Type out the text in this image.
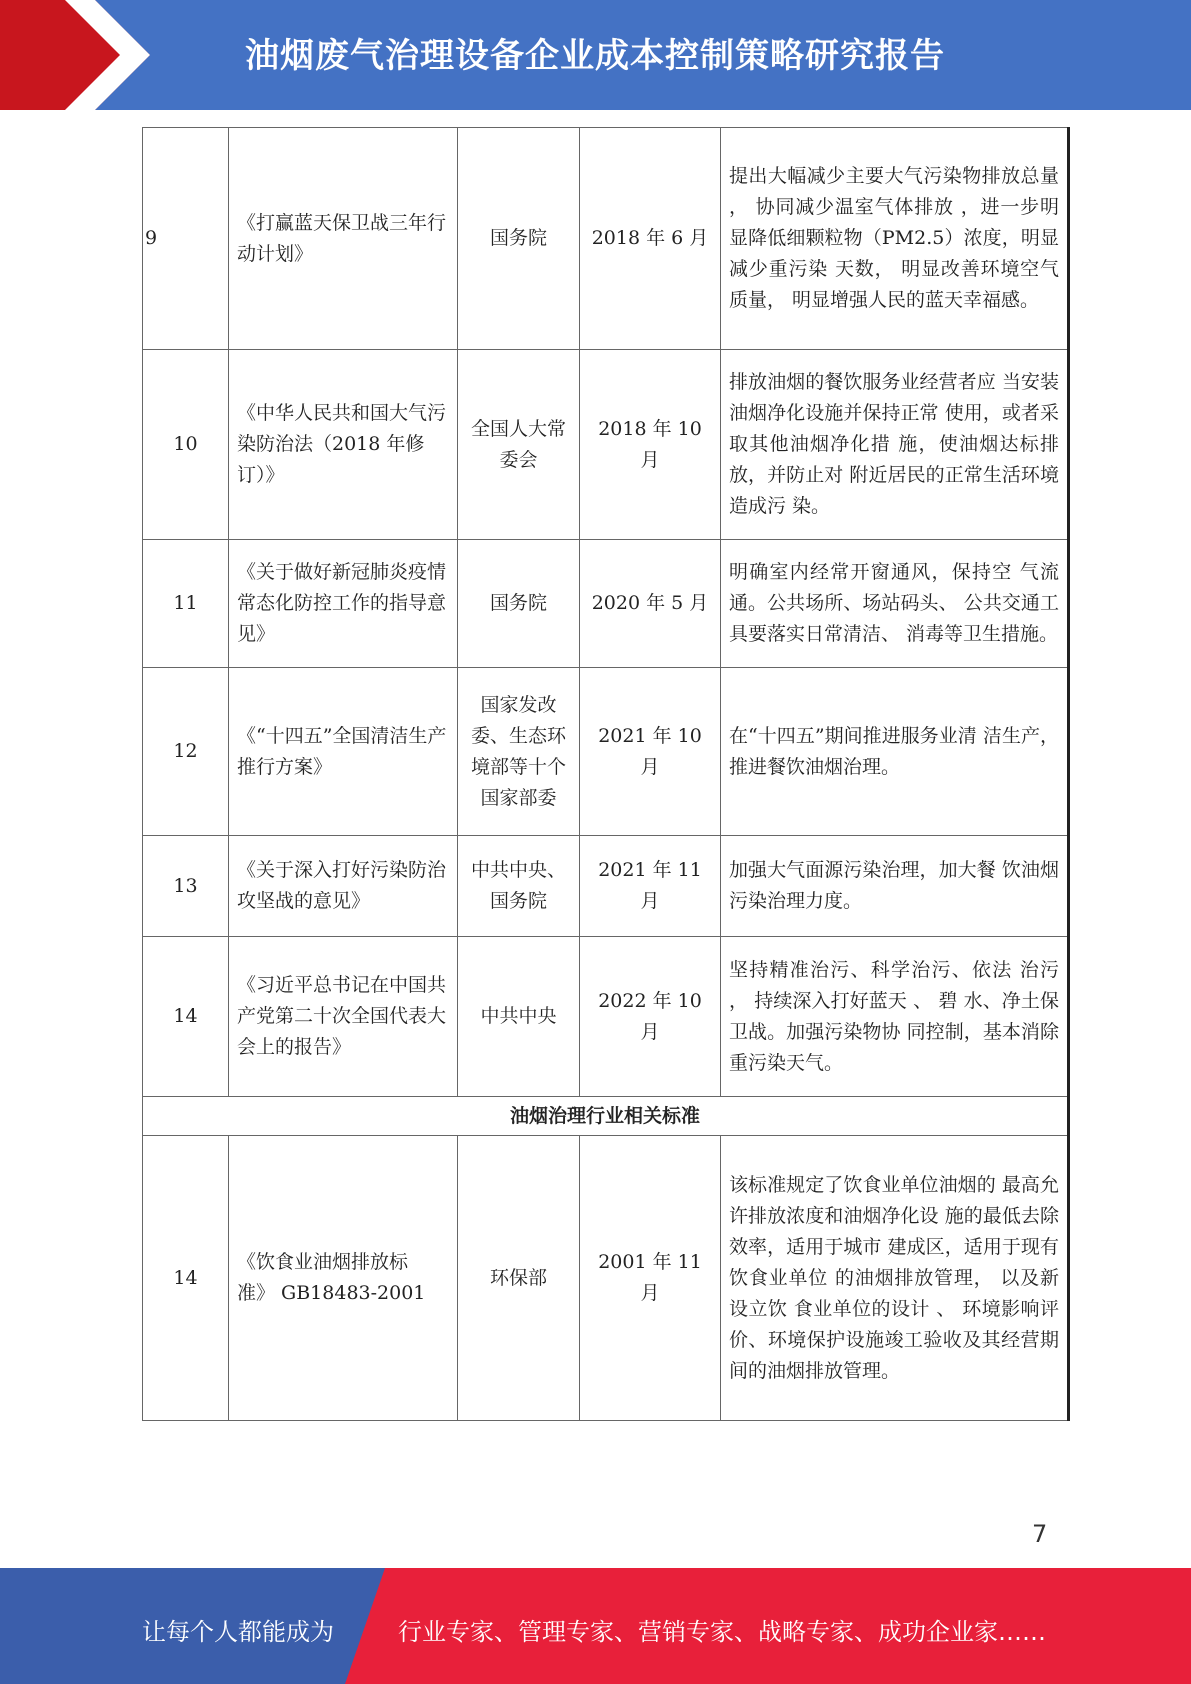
油烟废气治理设备企业成本控制策略研究报告
9	《打赢蓝天保卫战三年行动计划》	国务院	2018 年 6 月	提出大幅减少主要大气污染物排放总量 ， 协同减少温室气体排放 ，进一步明显降低细颗粒物（PM2.5）浓度，明显减少重污染 天数， 明显改善环境空气质量， 明显增强人民的蓝天幸福感。
10	《中华人民共和国大气污染防治法（2018 年修订）》	全国人大常委会	2018 年 10 月	排放油烟的餐饮服务业经营者应 当安装油烟净化设施并保持正常 使用，或者采取其他油烟净化措 施，使油烟达标排放，并防止对 附近居民的正常生活环境造成污 染。
11	《关于做好新冠肺炎疫情常态化防控工作的指导意见》	国务院	2020 年 5 月	明确室内经常开窗通风，保持空 气流通。公共场所、场站码头、 公共交通工具要落实日常清洁、 消毒等卫生措施。
12	《“十四五”全国清洁生产推行方案》	国家发改委、生态环境部等十个国家部委	2021 年 10 月	在“十四五”期间推进服务业清 洁生产，推进餐饮油烟治理。
13	《关于深入打好污染防治攻坚战的意见》	中共中央、国务院	2021 年 11 月	加强大气面源污染治理，加大餐 饮油烟污染治理力度。
14	《习近平总书记在中国共产党第二十次全国代表大会上的报告》	中共中央	2022 年 10 月	坚持精准治污、科学治污、依法 治污 ， 持续深入打好蓝天 、 碧 水、净土保卫战。加强污染物协 同控制，基本消除重污染天气。
油烟治理行业相关标准				
14	《饮食业油烟排放标 准》 GB18483-2001	环保部	2001 年 11 月	该标准规定了饮食业单位油烟的 最高允许排放浓度和油烟净化设 施的最低去除效率，适用于城市 建成区，适用于现有饮食业单位 的油烟排放管理， 以及新设立饮 食业单位的设计 、 环境影响评 价、环境保护设施竣工验收及其经营期间的油烟排放管理。
7
让每个人都能成为	行业专家、管理专家、营销专家、战略专家、成功企业家……
